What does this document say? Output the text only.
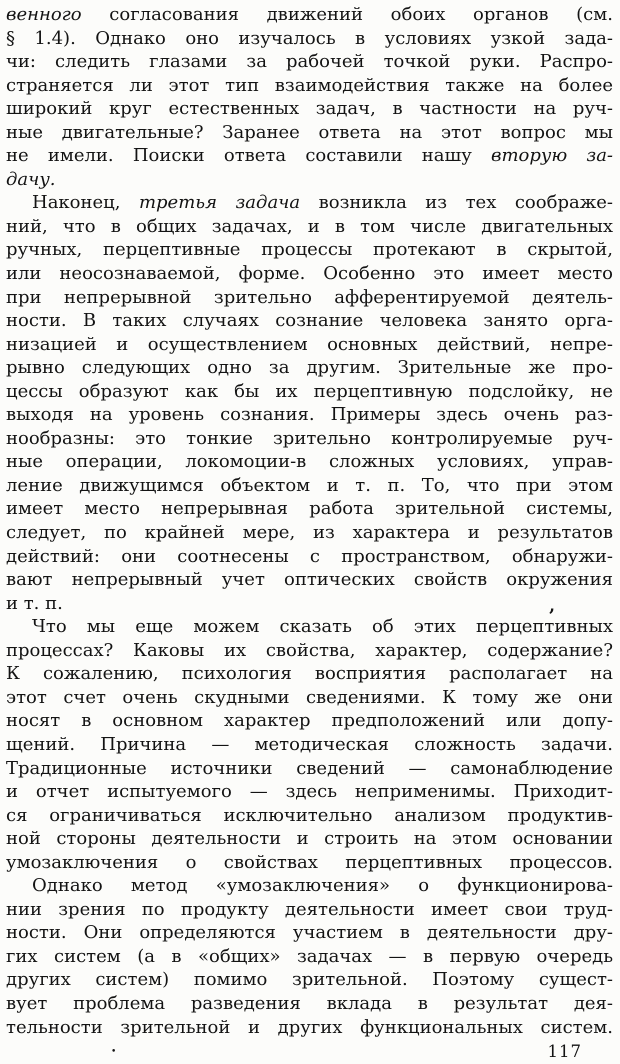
венного согласования движений обоих органов (см.
§ 1.4). Однако оно изучалось в условиях узкой зада-
чи: следить глазами за рабочей точкой руки. Распро-
страняется ли этот тип взаимодействия также на более
широкий круг естественных задач, в частности на руч-
ные двигательные? Заранее ответа на этот вопрос мы
не имели. Поиски ответа составили нашу вторую за-
дачу.
Наконец, третья задача возникла из тех соображе-
ний, что в общих задачах, и в том числе двигательных
ручных, перцептивные процессы протекают в скрытой,
или неосознаваемой, форме. Особенно это имеет место
при непрерывной зрительно афферентируемой деятель-
ности. В таких случаях сознание человека занято орга-
низацией и осуществлением основных действий, непре-
рывно следующих одно за другим. Зрительные же про-
цессы образуют как бы их перцептивную подслойку, не
выходя на уровень сознания. Примеры здесь очень раз-
нообразны: это тонкие зрительно контролируемые руч-
ные операции, локомоции-в сложных условиях, управ-
ление движущимся объектом и т. п. То, что при этом
имеет место непрерывная работа зрительной системы,
следует, по крайней мере, из характера и результатов
действий: они соотнесены с пространством, обнаружи-
вают непрерывный учет оптических свойств окружения
и т. п.	,
Что мы еще можем сказать об этих перцептивных
процессах? Каковы их свойства, характер, содержание?
К сожалению, психология восприятия располагает на
этот счет очень скудными сведениями. К тому же они
носят в основном характер предположений или допу-
щений. Причина — методическая сложность задачи.
Традиционные источники сведений — самонаблюдение
и отчет испытуемого — здесь неприменимы. Приходит-
ся ограничиваться исключительно анализом продуктив-
ной стороны деятельности и строить на этом основании
умозаключения о свойствах перцептивных процессов.
Однако метод «умозаключения» о функционирова-
нии зрения по продукту деятельности имеет свои труд-
ности. Они определяются участием в деятельности дру-
гих систем (а в «общих» задачах — в первую очередь
других систем) помимо зрительной. Поэтому сущест-
вует проблема разведения вклада в результат дея-
тельности зрительной и других функциональных систем.
•	117
